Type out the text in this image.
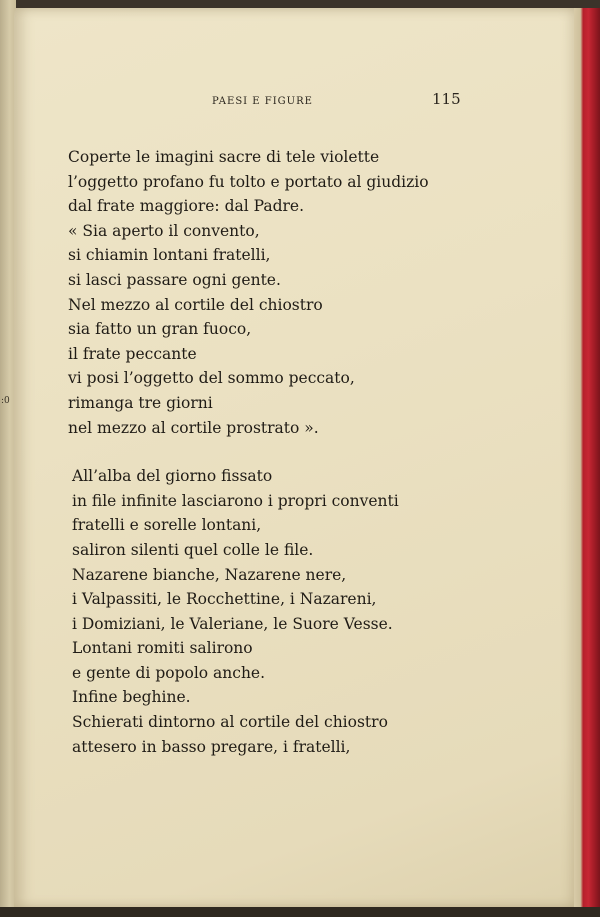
:0
PAESI E FIGURE	115

Coperte le imagini sacre di tele violette

l’oggetto profano fu tolto e portato al giudizio

dal frate maggiore: dal Padre.

« Sia aperto il convento,

si chiamin lontani fratelli,

si lasci passare ogni gente.

Nel mezzo al cortile del chiostro

sia fatto un gran fuoco,

il frate peccante

vi posi l’oggetto del sommo peccato,

rimanga tre giorni

nel mezzo al cortile prostrato ».

All’alba del giorno fissato

in file infinite lasciarono i propri conventi

fratelli e sorelle lontani,

saliron silenti quel colle le file.

Nazarene bianche, Nazarene nere,

i Valpassiti, le Rocchettine, i Nazareni,

i Domiziani, le Valeriane, le Suore Vesse.

Lontani romiti salirono

e gente di popolo anche.

Infine beghine.

Schierati dintorno al cortile del chiostro

attesero in basso pregare, i fratelli,
